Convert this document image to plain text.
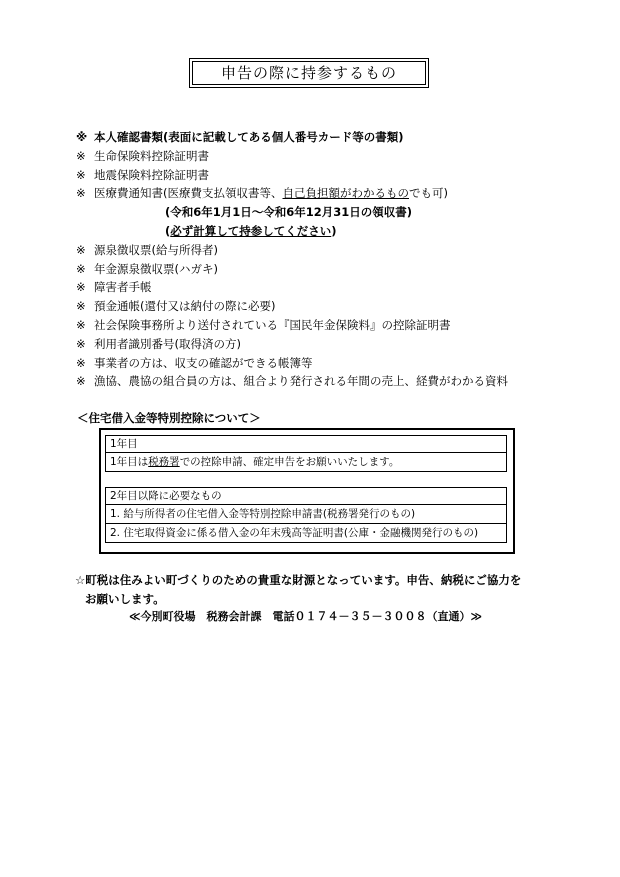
申告の際に持参するもの
※ 本人確認書類(表面に記載してある個人番号カード等の書類)
※ 生命保険料控除証明書
※ 地震保険料控除証明書
※ 医療費通知書(医療費支払領収書等、自己負担額がわかるものでも可)
(令和6年1月1日～令和6年12月31日の領収書)
(必ず計算して持参してください)
※ 源泉徴収票(給与所得者)
※ 年金源泉徴収票(ハガキ)
※ 障害者手帳
※ 預金通帳(還付又は納付の際に必要)
※ 社会保険事務所より送付されている『国民年金保険料』の控除証明書
※ 利用者識別番号(取得済の方)
※ 事業者の方は、収支の確認ができる帳簿等
※ 漁協、農協の組合員の方は、組合より発行される年間の売上、経費がわかる資料
＜住宅借入金等特別控除について＞
1年目
1年目は税務署での控除申請、確定申告をお願いいたします。
2年目以降に必要なもの
1. 給与所得者の住宅借入金等特別控除申請書(税務署発行のもの)
2. 住宅取得資金に係る借入金の年末残高等証明書(公庫・金融機関発行のもの)
☆町税は住みよい町づくりのための貴重な財源となっています。申告、納税にご協力を
お願いします。
≪今別町役場　税務会計課　電話０１７４－３５－３００８（直通）≫
